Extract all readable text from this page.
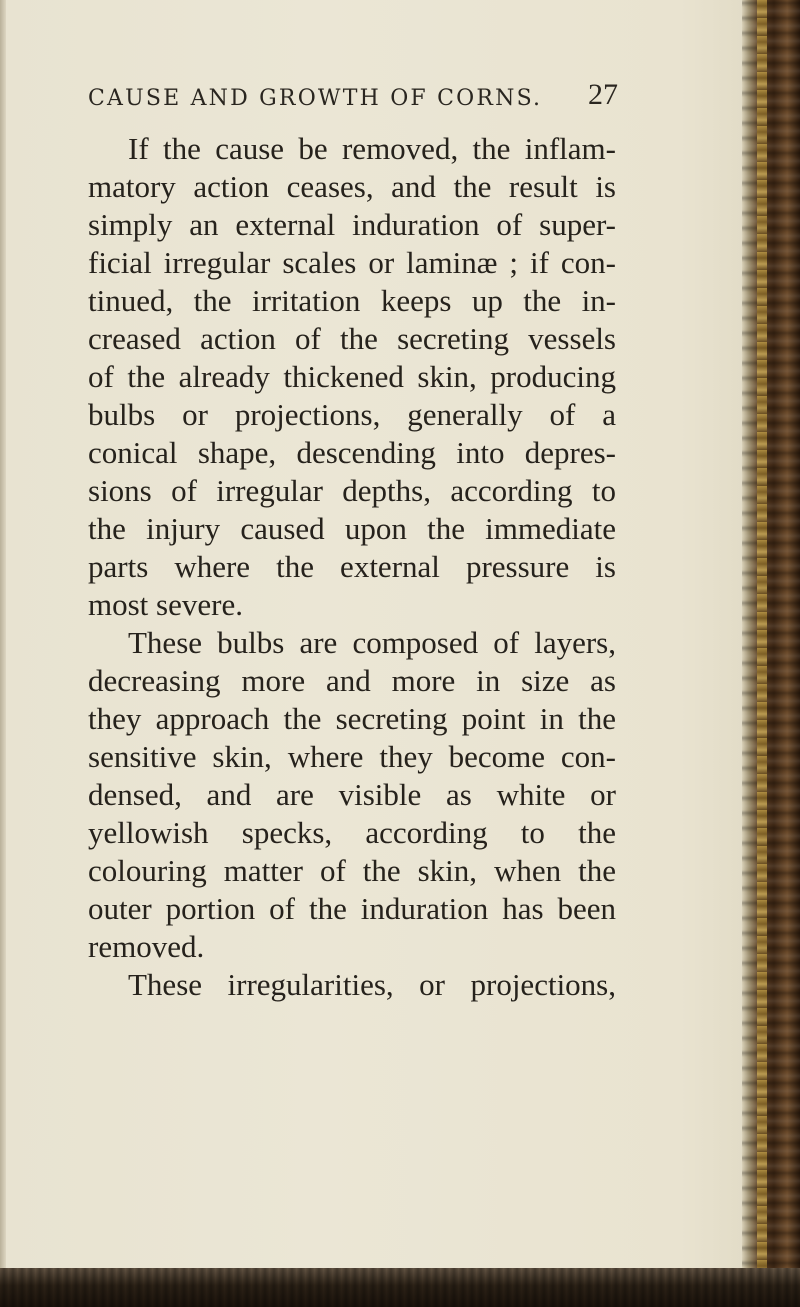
CAUSE AND GROWTH OF CORNS. 27
If the cause be removed, the inflam-
matory action ceases, and the result is
simply an external induration of super-
ficial irregular scales or laminæ ; if con-
tinued, the irritation keeps up the in-
creased action of the secreting vessels
of the already thickened skin, producing
bulbs or projections, generally of a
conical shape, descending into depres-
sions of irregular depths, according to
the injury caused upon the immediate
parts where the external pressure is
most severe.
These bulbs are composed of layers,
decreasing more and more in size as
they approach the secreting point in the
sensitive skin, where they become con-
densed, and are visible as white or
yellowish specks, according to the
colouring matter of the skin, when the
outer portion of the induration has been
removed.
These irregularities, or projections,
